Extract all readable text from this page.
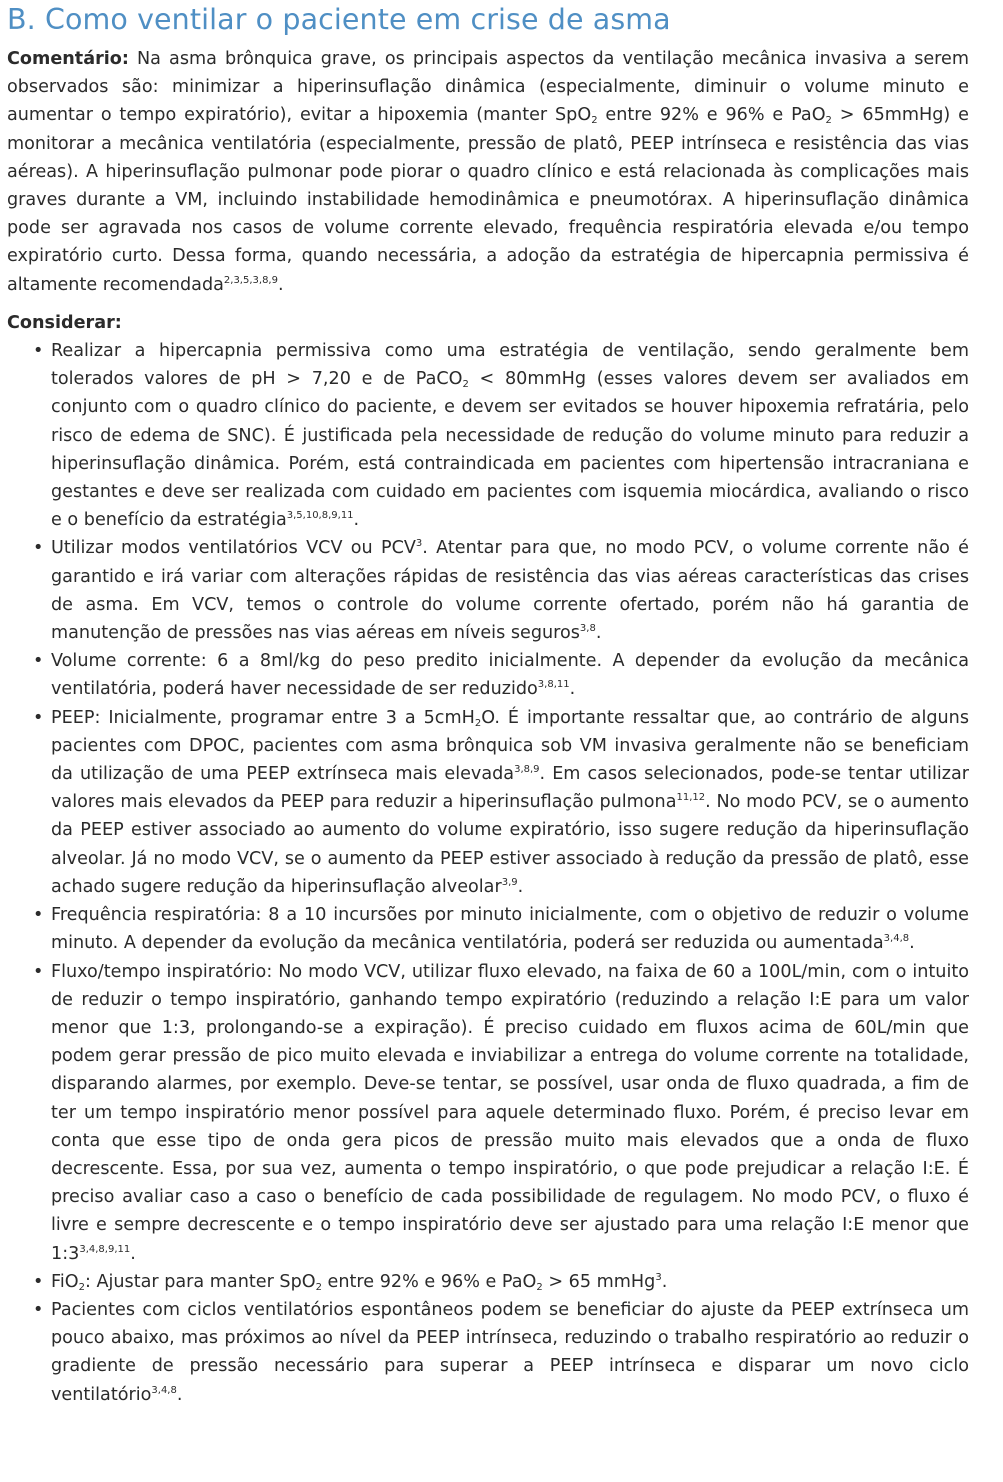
B. Como ventilar o paciente em crise de asma

Comentário: Na asma brônquica grave, os principais aspectos da ventilação mecânica invasiva a serem observados são: minimizar a hiperinsuflação dinâmica (especialmente, diminuir o volume minuto e aumentar o tempo expiratório), evitar a hipoxemia (manter SpO$_2$ entre 92% e 96% e PaO$_2$ > 65mmHg) e monitorar a mecânica ventilatória (especialmente, pressão de platô, PEEP intrínseca e resistência das vias aéreas). A hiperinsuflação pulmonar pode piorar o quadro clínico e está relacionada às complicações mais graves durante a VM, incluindo instabilidade hemodinâmica e pneumotórax. A hiperinsuflação dinâmica pode ser agravada nos casos de volume corrente elevado, frequência respiratória elevada e/ou tempo expiratório curto. Dessa forma, quando necessária, a adoção da estratégia de hipercapnia permissiva é altamente recomendada$^{2,3,5,3,8,9}$.

Considerar:
• Realizar a hipercapnia permissiva como uma estratégia de ventilação, sendo geralmente bem tolerados valores de pH > 7,20 e de PaCO$_2$ < 80mmHg (esses valores devem ser avaliados em conjunto com o quadro clínico do paciente, e devem ser evitados se houver hipoxemia refratária, pelo risco de edema de SNC). É justificada pela necessidade de redução do volume minuto para reduzir a hiperinsuflação dinâmica. Porém, está contraindicada em pacientes com hipertensão intracraniana e gestantes e deve ser realizada com cuidado em pacientes com isquemia miocárdica, avaliando o risco e o benefício da estratégia$^{3,5,10,8,9,11}$.
• Utilizar modos ventilatórios VCV ou PCV$^3$. Atentar para que, no modo PCV, o volume corrente não é garantido e irá variar com alterações rápidas de resistência das vias aéreas características das crises de asma. Em VCV, temos o controle do volume corrente ofertado, porém não há garantia de manutenção de pressões nas vias aéreas em níveis seguros$^{3,8}$.
• Volume corrente: 6 a 8ml/kg do peso predito inicialmente. A depender da evolução da mecânica ventilatória, poderá haver necessidade de ser reduzido$^{3,8,11}$.
• PEEP: Inicialmente, programar entre 3 a 5cmH$_2$O. É importante ressaltar que, ao contrário de alguns pacientes com DPOC, pacientes com asma brônquica sob VM invasiva geralmente não se beneficiam da utilização de uma PEEP extrínseca mais elevada$^{3,8,9}$. Em casos selecionados, pode-se tentar utilizar valores mais elevados da PEEP para reduzir a hiperinsuflação pulmona$^{11,12}$. No modo PCV, se o aumento da PEEP estiver associado ao aumento do volume expiratório, isso sugere redução da hiperinsuflação alveolar. Já no modo VCV, se o aumento da PEEP estiver associado à redução da pressão de platô, esse achado sugere redução da hiperinsuflação alveolar$^{3,9}$.
• Frequência respiratória: 8 a 10 incursões por minuto inicialmente, com o objetivo de reduzir o volume minuto. A depender da evolução da mecânica ventilatória, poderá ser reduzida ou aumentada$^{3,4,8}$.
• Fluxo/tempo inspiratório: No modo VCV, utilizar fluxo elevado, na faixa de 60 a 100L/min, com o intuito de reduzir o tempo inspiratório, ganhando tempo expiratório (reduzindo a relação I:E para um valor menor que 1:3, prolongando-se a expiração). É preciso cuidado em fluxos acima de 60L/min que podem gerar pressão de pico muito elevada e inviabilizar a entrega do volume corrente na totalidade, disparando alarmes, por exemplo. Deve-se tentar, se possível, usar onda de fluxo quadrada, a fim de ter um tempo inspiratório menor possível para aquele determinado fluxo. Porém, é preciso levar em conta que esse tipo de onda gera picos de pressão muito mais elevados que a onda de fluxo decrescente. Essa, por sua vez, aumenta o tempo inspiratório, o que pode prejudicar a relação I:E. É preciso avaliar caso a caso o benefício de cada possibilidade de regulagem. No modo PCV, o fluxo é livre e sempre decrescente e o tempo inspiratório deve ser ajustado para uma relação I:E menor que 1:3$^{3,4,8,9,11}$.
• FiO$_2$: Ajustar para manter SpO$_2$ entre 92% e 96% e PaO$_2$ > 65 mmHg$^3$.
• Pacientes com ciclos ventilatórios espontâneos podem se beneficiar do ajuste da PEEP extrínseca um pouco abaixo, mas próximos ao nível da PEEP intrínseca, reduzindo o trabalho respiratório ao reduzir o gradiente de pressão necessário para superar a PEEP intrínseca e disparar um novo ciclo ventilatório$^{3,4,8}$.
